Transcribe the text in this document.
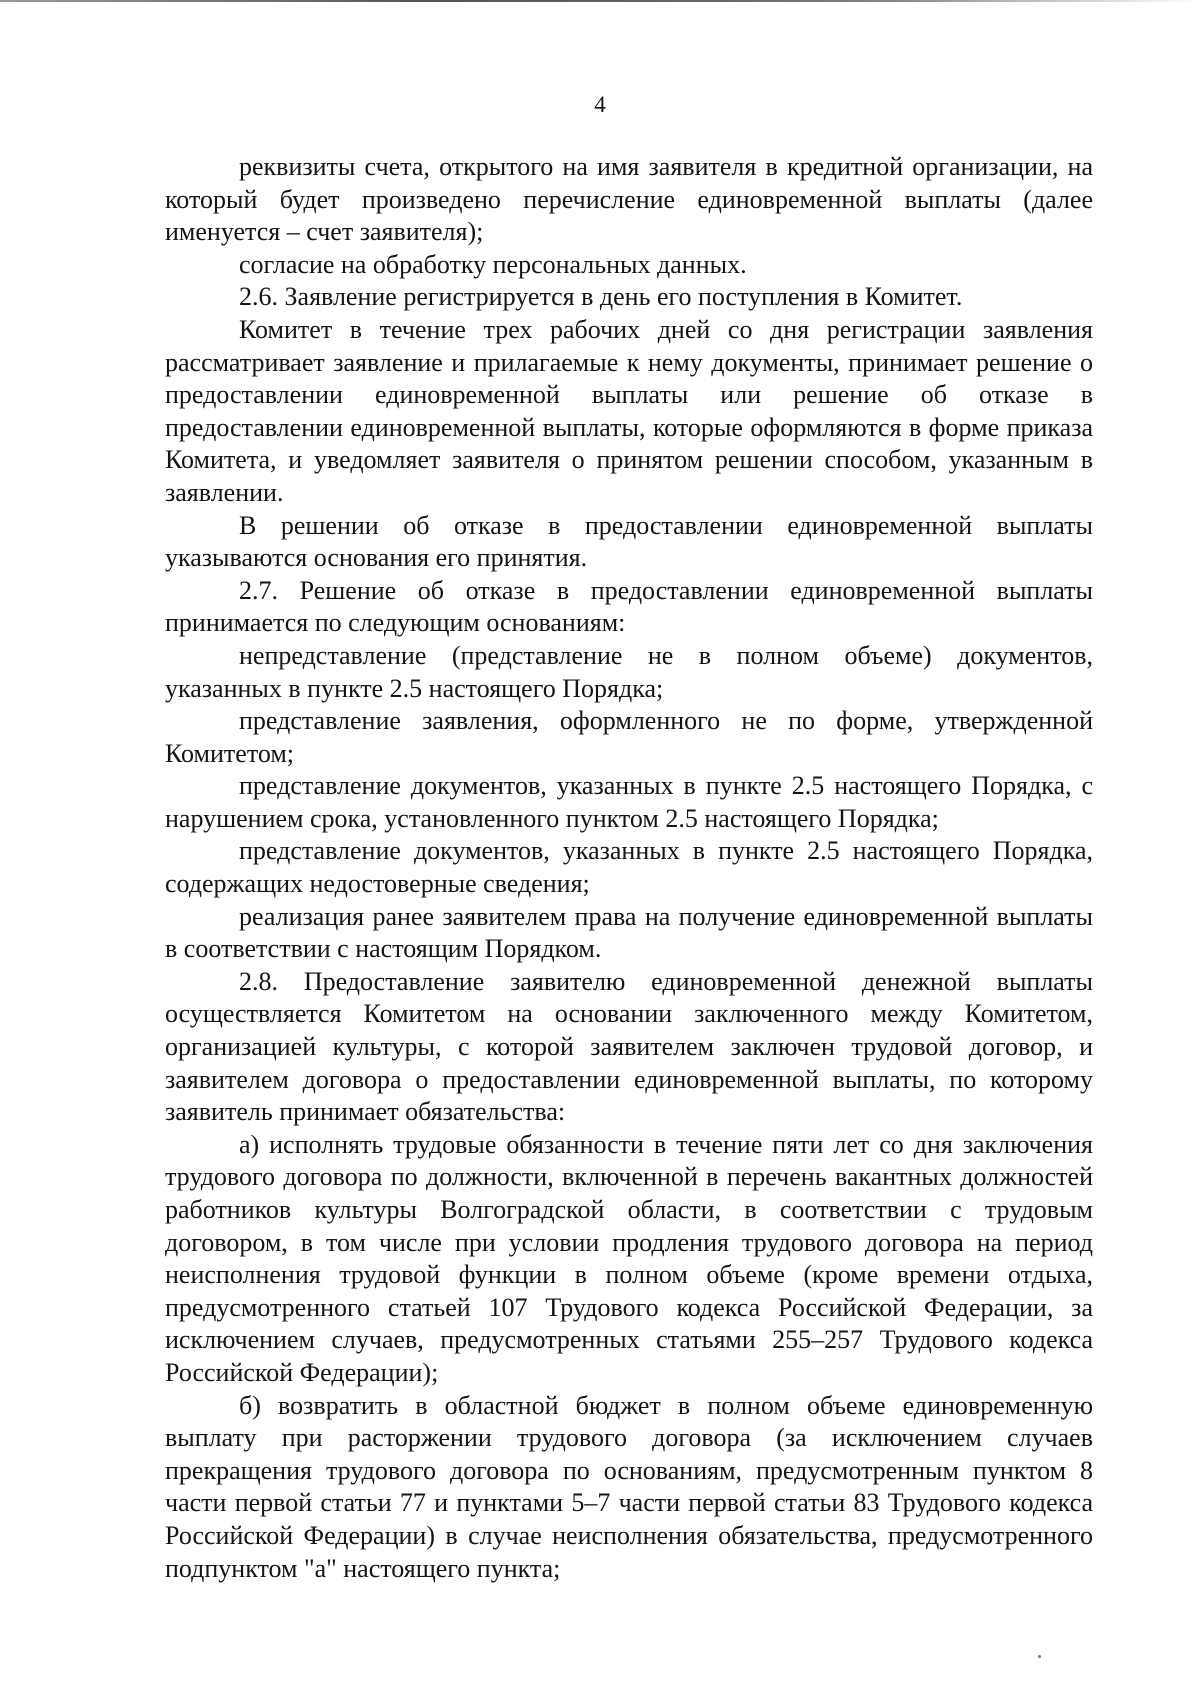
4

реквизиты счета, открытого на имя заявителя в кредитной организации, на который будет произведено перечисление единовременной выплаты (далее именуется – счет заявителя);

согласие на обработку персональных данных.

2.6. Заявление регистрируется в день его поступления в Комитет.

Комитет в течение трех рабочих дней со дня регистрации заявления рассматривает заявление и прилагаемые к нему документы, принимает решение о предоставлении единовременной выплаты или решение об отказе в предоставлении единовременной выплаты, которые оформляются в форме приказа Комитета, и уведомляет заявителя о принятом решении способом, указанным в заявлении.

В решении об отказе в предоставлении единовременной выплаты указываются основания его принятия.

2.7. Решение об отказе в предоставлении единовременной выплаты принимается по следующим основаниям:

непредставление (представление не в полном объеме) документов, указанных в пункте 2.5 настоящего Порядка;

представление заявления, оформленного не по форме, утвержденной Комитетом;

представление документов, указанных в пункте 2.5 настоящего Порядка, с нарушением срока, установленного пунктом 2.5 настоящего Порядка;

представление документов, указанных в пункте 2.5 настоящего Порядка, содержащих недостоверные сведения;

реализация ранее заявителем права на получение единовременной выплаты в соответствии с настоящим Порядком.

2.8. Предоставление заявителю единовременной денежной выплаты осуществляется Комитетом на основании заключенного между Комитетом, организацией культуры, с которой заявителем заключен трудовой договор, и заявителем договора о предоставлении единовременной выплаты, по которому заявитель принимает обязательства:

а) исполнять трудовые обязанности в течение пяти лет со дня заключения трудового договора по должности, включенной в перечень вакантных должностей работников культуры Волгоградской области, в соответствии с трудовым договором, в том числе при условии продления трудового договора на период неисполнения трудовой функции в полном объеме (кроме времени отдыха, предусмотренного статьей 107 Трудового кодекса Российской Федерации, за исключением случаев, предусмотренных статьями 255–257 Трудового кодекса Российской Федерации);

б) возвратить в областной бюджет в полном объеме единовременную выплату при расторжении трудового договора (за исключением случаев прекращения трудового договора по основаниям, предусмотренным пунктом 8 части первой статьи 77 и пунктами 5–7 части первой статьи 83 Трудового кодекса Российской Федерации) в случае неисполнения обязательства, предусмотренного подпунктом "а" настоящего пункта;
